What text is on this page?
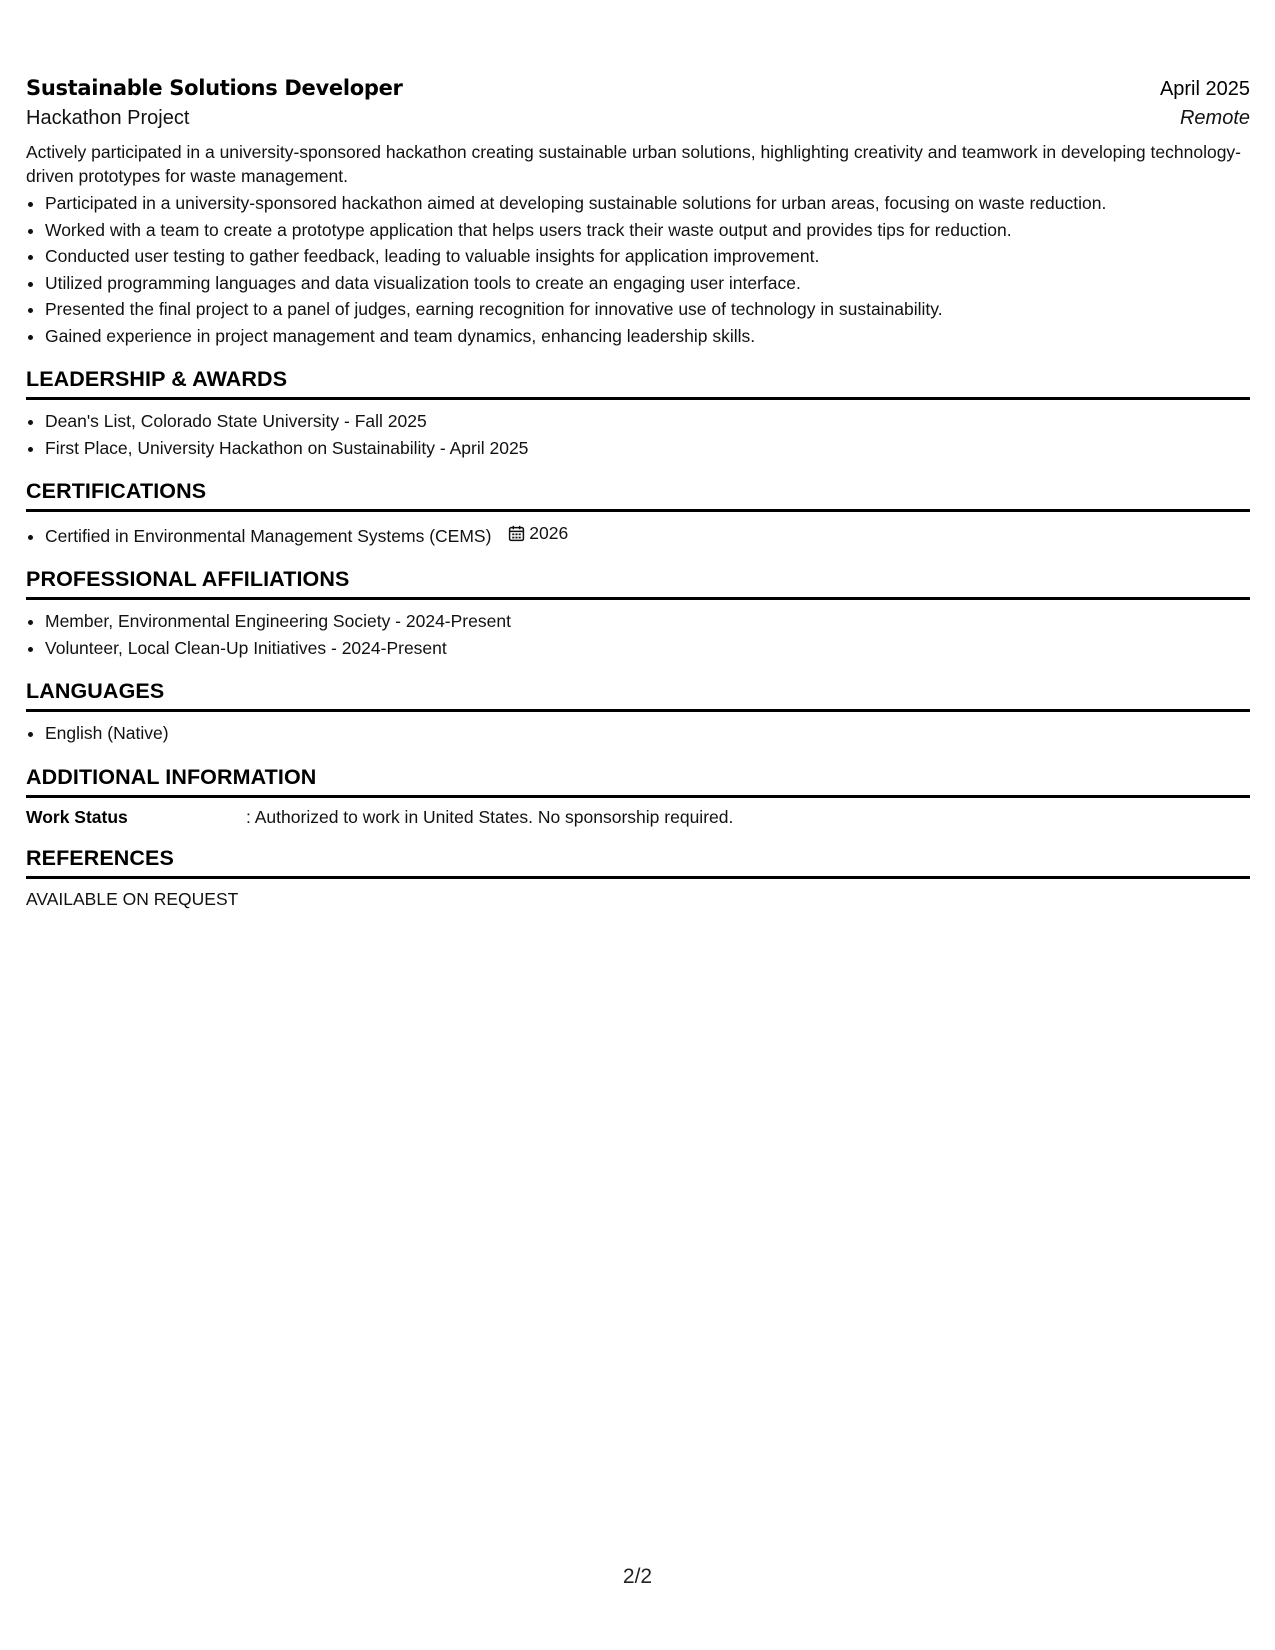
Sustainable Solutions Developer	April 2025
Hackathon Project	Remote
Actively participated in a university-sponsored hackathon creating sustainable urban solutions, highlighting creativity and teamwork in developing technology-driven prototypes for waste management.
• Participated in a university-sponsored hackathon aimed at developing sustainable solutions for urban areas, focusing on waste reduction.
• Worked with a team to create a prototype application that helps users track their waste output and provides tips for reduction.
• Conducted user testing to gather feedback, leading to valuable insights for application improvement.
• Utilized programming languages and data visualization tools to create an engaging user interface.
• Presented the final project to a panel of judges, earning recognition for innovative use of technology in sustainability.
• Gained experience in project management and team dynamics, enhancing leadership skills.
LEADERSHIP & AWARDS
• Dean's List, Colorado State University - Fall 2025
• First Place, University Hackathon on Sustainability - April 2025
CERTIFICATIONS
• Certified in Environmental Management Systems (CEMS) 2026
PROFESSIONAL AFFILIATIONS
• Member, Environmental Engineering Society - 2024-Present
• Volunteer, Local Clean-Up Initiatives - 2024-Present
LANGUAGES
• English (Native)
ADDITIONAL INFORMATION
Work Status	: Authorized to work in United States. No sponsorship required.
REFERENCES
AVAILABLE ON REQUEST
2/2
